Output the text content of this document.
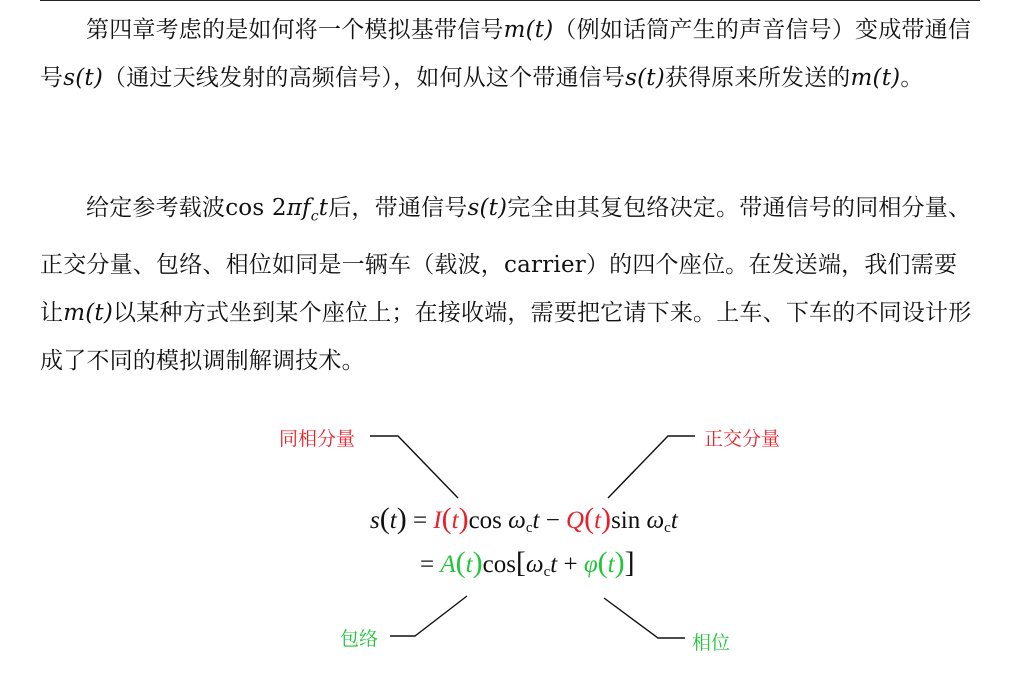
第四章考虑的是如何将一个模拟基带信号m(t)（例如话筒产生的声音信号）变成带通信号s(t)（通过天线发射的高频信号），如何从这个带通信号s(t)获得原来所发送的m(t)。

给定参考载波$\cos 2\pi f_ct$后，带通信号s(t)完全由其复包络决定。带通信号的同相分量、正交分量、包络、相位如同是一辆车（载波，carrier）的四个座位。在发送端，我们需要让m(t)以某种方式坐到某个座位上；在接收端，需要把它请下来。上车、下车的不同设计形成了不同的模拟调制解调技术。

同相分量	正交分量
包络	相位
s(t) = I(t)cos $\omega_ct - Q(t)\sin$ $\omega_ct$
= $A(t)\cos[\omega_ct + \varphi(t)]$
